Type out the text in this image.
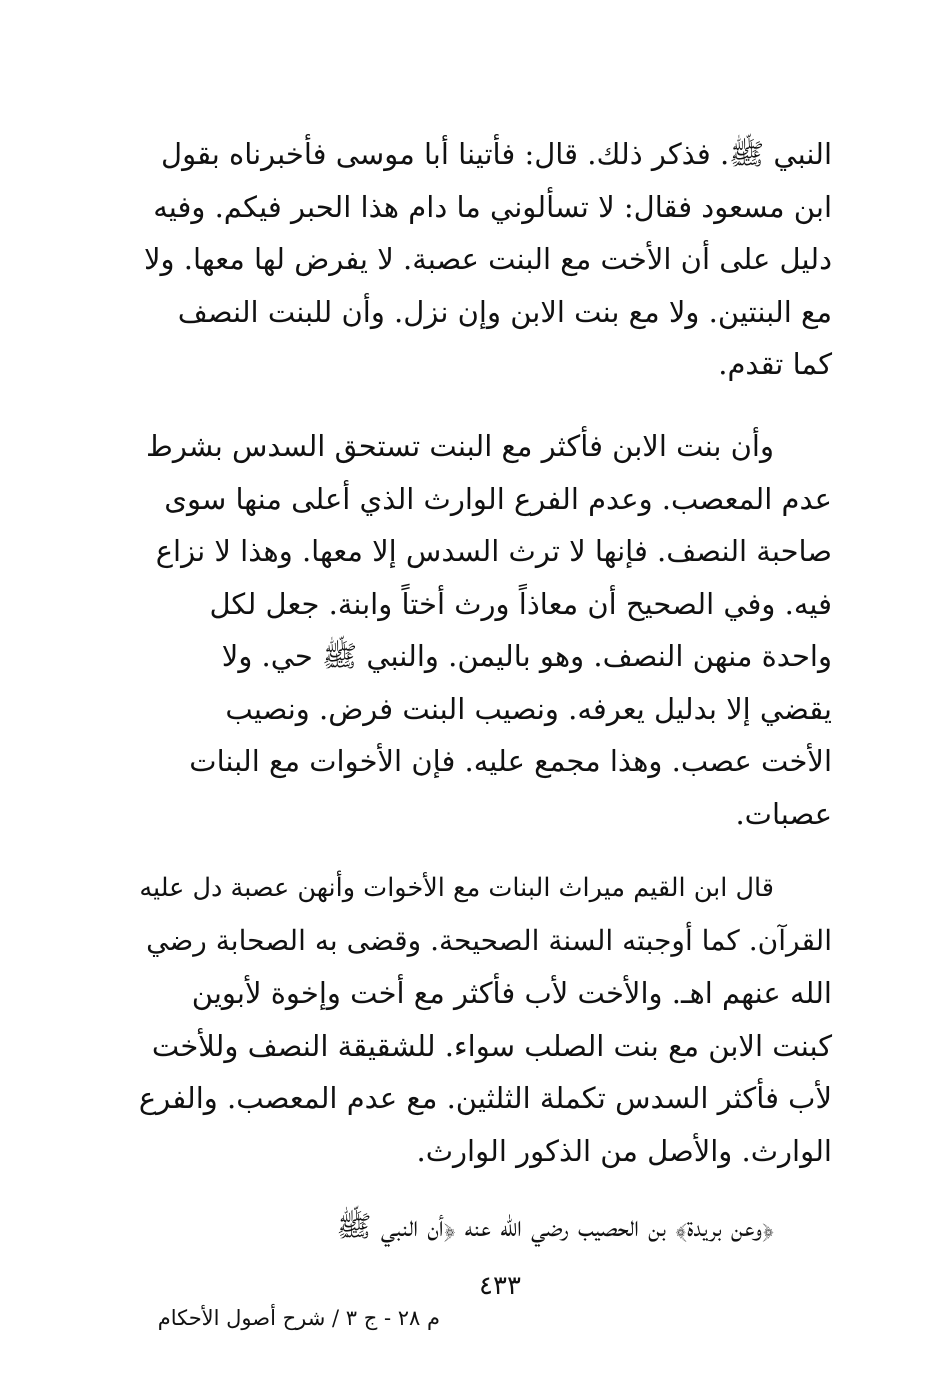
النبي ﷺ. فذكر ذلك. قال: فأتينا أبا موسى فأخبرناه بقول
ابن مسعود فقال: لا تسألوني ما دام هذا الحبر فيكم. وفيه
دليل على أن الأخت مع البنت عصبة. لا يفرض لها معها. ولا
مع البنتين. ولا مع بنت الابن وإن نزل. وأن للبنت النصف
كما تقدم.
وأن بنت الابن فأكثر مع البنت تستحق السدس بشرط
عدم المعصب. وعدم الفرع الوارث الذي أعلى منها سوى
صاحبة النصف. فإنها لا ترث السدس إلا معها. وهذا لا نزاع
فيه. وفي الصحيح أن معاذاً ورث أختاً وابنة. جعل لكل
واحدة منهن النصف. وهو باليمن. والنبي ﷺ حي. ولا
يقضي إلا بدليل يعرفه. ونصيب البنت فرض. ونصيب
الأخت عصب. وهذا مجمع عليه. فإن الأخوات مع البنات
عصبات.
قال ابن القيم ميراث البنات مع الأخوات وأنهن عصبة دل عليه
القرآن. كما أوجبته السنة الصحيحة. وقضى به الصحابة رضي
الله عنهم اهـ. والأخت لأب فأكثر مع أخت وإخوة لأبوين
كبنت الابن مع بنت الصلب سواء. للشقيقة النصف وللأخت
لأب فأكثر السدس تكملة الثلثين. مع عدم المعصب. والفرع
الوارث. والأصل من الذكور الوارث.
﴿وعن بريدة﴾ بن الحصيب رضي الله عنه ﴿أن النبي ﷺ
٤٣٣
م ٢٨ - ج ٣ / شرح أصول الأحكام
